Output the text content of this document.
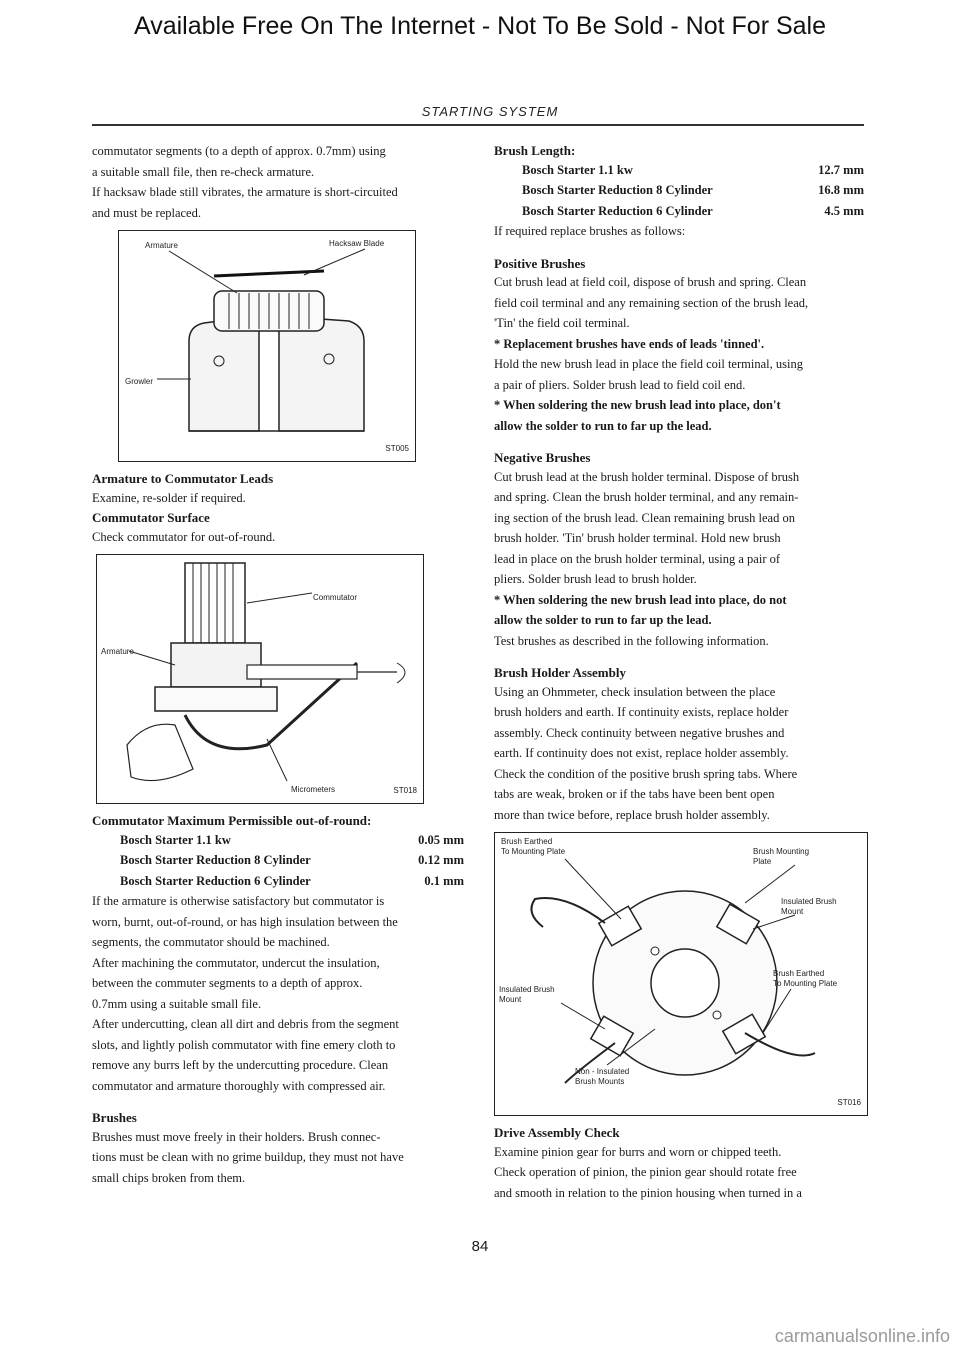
Available Free On The Internet - Not To Be Sold - Not For Sale
STARTING SYSTEM

commutator segments (to a depth of approx. 0.7mm) using

a suitable small file, then re-check armature.

If hacksaw blade still vibrates, the armature is short-circuited

and must be replaced.

Armature	Hacksaw Blade
Growler
ST005
Armature to Commutator Leads

Examine, re-solder if required.

Commutator Surface

Check commutator for out-of-round.

Commutator
Armature
Micrometers	ST018
Commutator Maximum Permissible out-of-round:
Bosch Starter 1.1 kw	0.05 mm
Bosch Starter Reduction 8 Cylinder	0.12 mm
Bosch Starter Reduction 6 Cylinder	0.1 mm

If the armature is otherwise satisfactory but commutator is

worn, burnt, out-of-round, or has high insulation between the

segments, the commutator should be machined.

After machining the commutator, undercut the insulation,

between the commuter segments to a depth of approx.

0.7mm using a suitable small file.

After undercutting, clean all dirt and debris from the segment

slots, and lightly polish commutator with fine emery cloth to

remove any burrs left by the undercutting procedure. Clean

commutator and armature thoroughly with compressed air.

Brushes

Brushes must move freely in their holders. Brush connec-

tions must be clean with no grime buildup, they must not have

small chips broken from them.

Brush Length:
Bosch Starter 1.1 kw	12.7 mm
Bosch Starter Reduction 8 Cylinder	16.8 mm
Bosch Starter Reduction 6 Cylinder	4.5 mm

If required replace brushes as follows:

Positive Brushes

Cut brush lead at field coil, dispose of brush and spring. Clean

field coil terminal and any remaining section of the brush lead,

'Tin' the field coil terminal.

* Replacement brushes have ends of leads 'tinned'.

Hold the new brush lead in place the field coil terminal, using

a pair of pliers. Solder brush lead to field coil end.

* When soldering the new brush lead into place, don't

allow the solder to run to far up the lead.

Negative Brushes

Cut brush lead at the brush holder terminal. Dispose of brush

and spring. Clean the brush holder terminal, and any remain-

ing section of the brush lead. Clean remaining brush lead on

brush holder. 'Tin' brush holder terminal. Hold new brush

lead in place on the brush holder terminal, using a pair of

pliers. Solder brush lead to brush holder.

* When soldering the new brush lead into place, do not

allow the solder to run to far up the lead.

Test brushes as described in the following information.

Brush Holder Assembly

Using an Ohmmeter, check insulation between the place

brush holders and earth. If continuity exists, replace holder

assembly. Check continuity between negative brushes and

earth. If continuity does not exist, replace holder assembly.

Check the condition of the positive brush spring tabs. Where

tabs are weak, broken or if the tabs have been bent open

more than twice before, replace brush holder assembly.

Brush Earthed
To Mounting Plate	Brush Mounting
Plate
Insulated Brush
Mount
Brush Earthed
To Mounting Plate
Insulated Brush
Mount
Non - Insulated
Brush Mounts
ST016
Drive Assembly Check

Examine pinion gear for burrs and worn or chipped teeth.

Check operation of pinion, the pinion gear should rotate free

and smooth in relation to the pinion housing when turned in a

84
carmanualsonline.info
